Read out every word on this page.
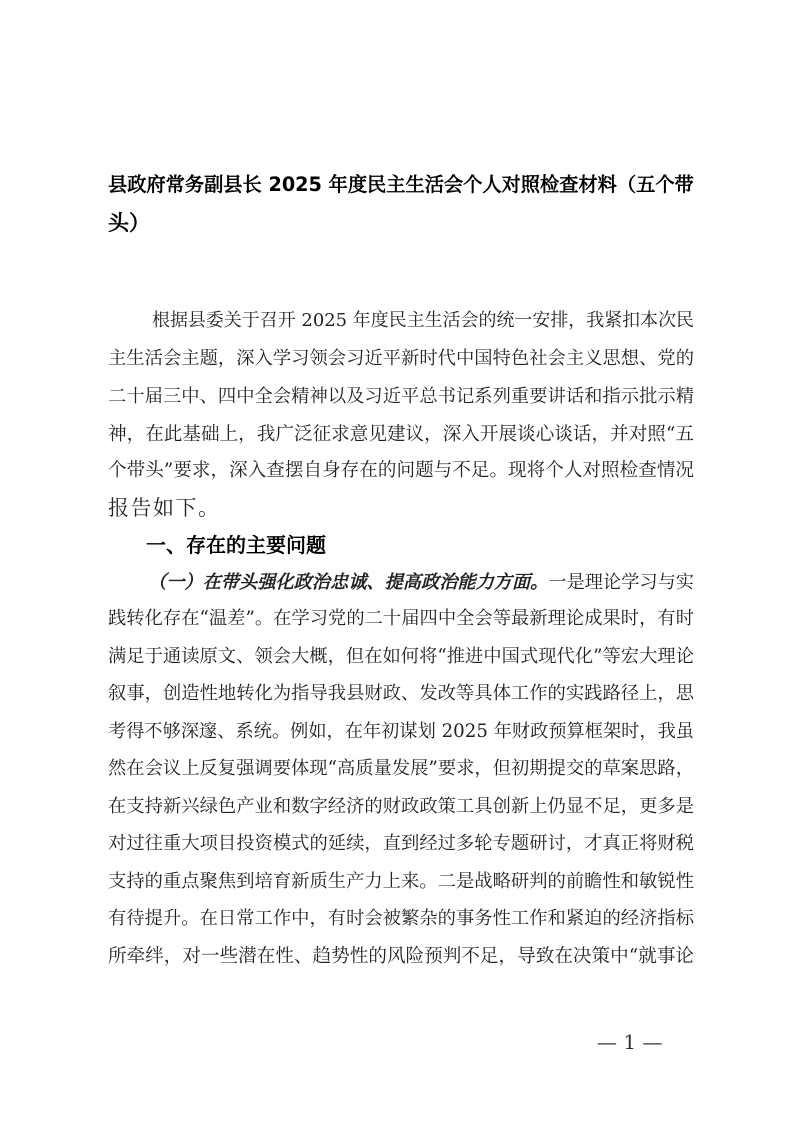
县政府常务副县长 2025 年度民主生活会个人对照检查材料（五个带
头）
根据县委关于召开 2025 年度民主生活会的统一安排，我紧扣本次民
主生活会主题，深入学习领会习近平新时代中国特色社会主义思想、党的
二十届三中、四中全会精神以及习近平总书记系列重要讲话和指示批示精
神，在此基础上，我广泛征求意见建议，深入开展谈心谈话，并对照“五
个带头”要求，深入查摆自身存在的问题与不足。现将个人对照检查情况
报告如下。
一、存在的主要问题
（一）在带头强化政治忠诚、提高政治能力方面。一是理论学习与实
践转化存在“温差”。在学习党的二十届四中全会等最新理论成果时，有时
满足于通读原文、领会大概，但在如何将“推进中国式现代化”等宏大理论
叙事，创造性地转化为指导我县财政、发改等具体工作的实践路径上，思
考得不够深邃、系统。例如，在年初谋划 2025 年财政预算框架时，我虽
然在会议上反复强调要体现“高质量发展”要求，但初期提交的草案思路，
在支持新兴绿色产业和数字经济的财政政策工具创新上仍显不足，更多是
对过往重大项目投资模式的延续，直到经过多轮专题研讨，才真正将财税
支持的重点聚焦到培育新质生产力上来。二是战略研判的前瞻性和敏锐性
有待提升。在日常工作中，有时会被繁杂的事务性工作和紧迫的经济指标
所牵绊，对一些潜在性、趋势性的风险预判不足，导致在决策中“就事论
— 1 —
